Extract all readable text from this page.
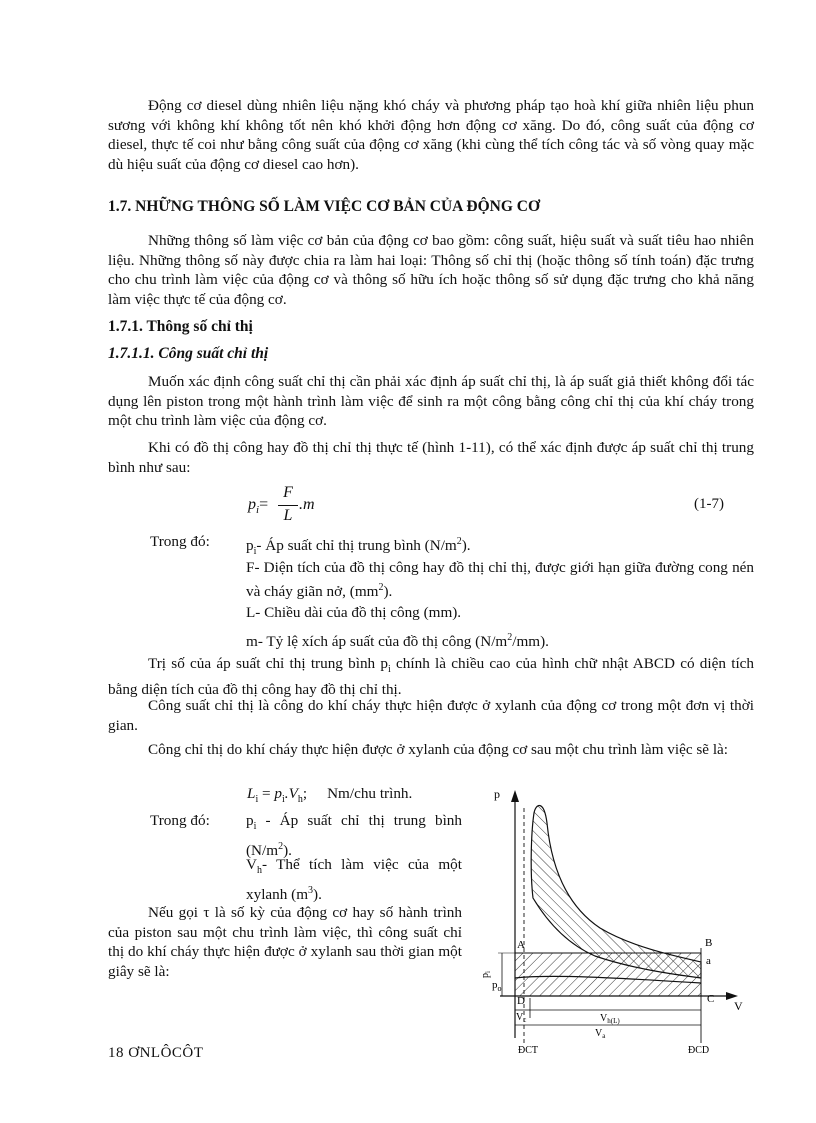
Động cơ diesel dùng nhiên liệu nặng khó cháy và phương pháp tạo hoà khí giữa nhiên liệu phun sương với không khí không tốt nên khó khởi động hơn động cơ xăng. Do đó, công suất của động cơ diesel, thực tế coi như bằng công suất của động cơ xăng (khi cùng thể tích công tác và số vòng quay mặc dù hiệu suất của động cơ diesel cao hơn).
1.7. NHỮNG THÔNG SỐ LÀM VIỆC CƠ BẢN CỦA ĐỘNG CƠ
Những thông số làm việc cơ bản của động cơ bao gồm: công suất, hiệu suất và suất tiêu hao nhiên liệu. Những thông số này được chia ra làm hai loại: Thông số chỉ thị (hoặc thông số tính toán) đặc trưng cho chu trình làm việc của động cơ và thông số hữu ích hoặc thông số sử dụng đặc trưng cho khả năng làm việc thực tế của động cơ.
1.7.1. Thông số chỉ thị
1.7.1.1. Công suất chỉ thị
Muốn xác định công suất chỉ thị cần phải xác định áp suất chỉ thị, là áp suất giả thiết không đổi tác dụng lên piston trong một hành trình làm việc để sinh ra một công bằng công chỉ thị của khí cháy trong một chu trình làm việc của động cơ.
Khi có đồ thị công hay đồ thị chỉ thị thực tế (hình 1-11), có thể xác định được áp suất chỉ thị trung bình như sau:
$p_i=$
F
L
.m	(1-7)
Trong đó: $p_i-$ Áp suất chỉ thị trung bình $(N/m^2)$.
F- Diện tích của đồ thị công hay đồ thị chỉ thị, được giới hạn giữa đường cong nén và cháy giãn nở, $(mm^2)$.
L- Chiều dài của đồ thị công (mm).
m- Tỷ lệ xích áp suất của đồ thị công $(N/m^2/mm)$.
Trị số của áp suất chỉ thị trung bình $p_i$ chính là chiều cao của hình chữ nhật ABCD có diện tích bằng diện tích của đồ thị công hay đồ thị chỉ thị.
Công suất chỉ thị là công do khí cháy thực hiện được ở xylanh của động cơ trong một đơn vị thời gian.
Công chỉ thị do khí cháy thực hiện được ở xylanh của động cơ sau một chu trình làm việc sẽ là:
$L_i = p_i.V_h$; Nm/chu trình.
Trong đó: $p_i$ - Áp suất chỉ thị trung bình $(N/m^2)$.
$V_h-$ Thể tích làm việc của một xylanh $(m^3)$.
Nếu gọi τ là số kỳ của động cơ hay số hành trình của piston sau một chu trình làm việc, thì công suất chỉ thị do khí cháy thực hiện được ở xylanh sau thời gian một giây sẽ là:
p
V
A	B
C
D
a
$p_o$
$p_i$
$V_c$	$V_{h(L)}$
$V_a$
ĐCT	ĐCD
18 ƠNLÔCÔT
